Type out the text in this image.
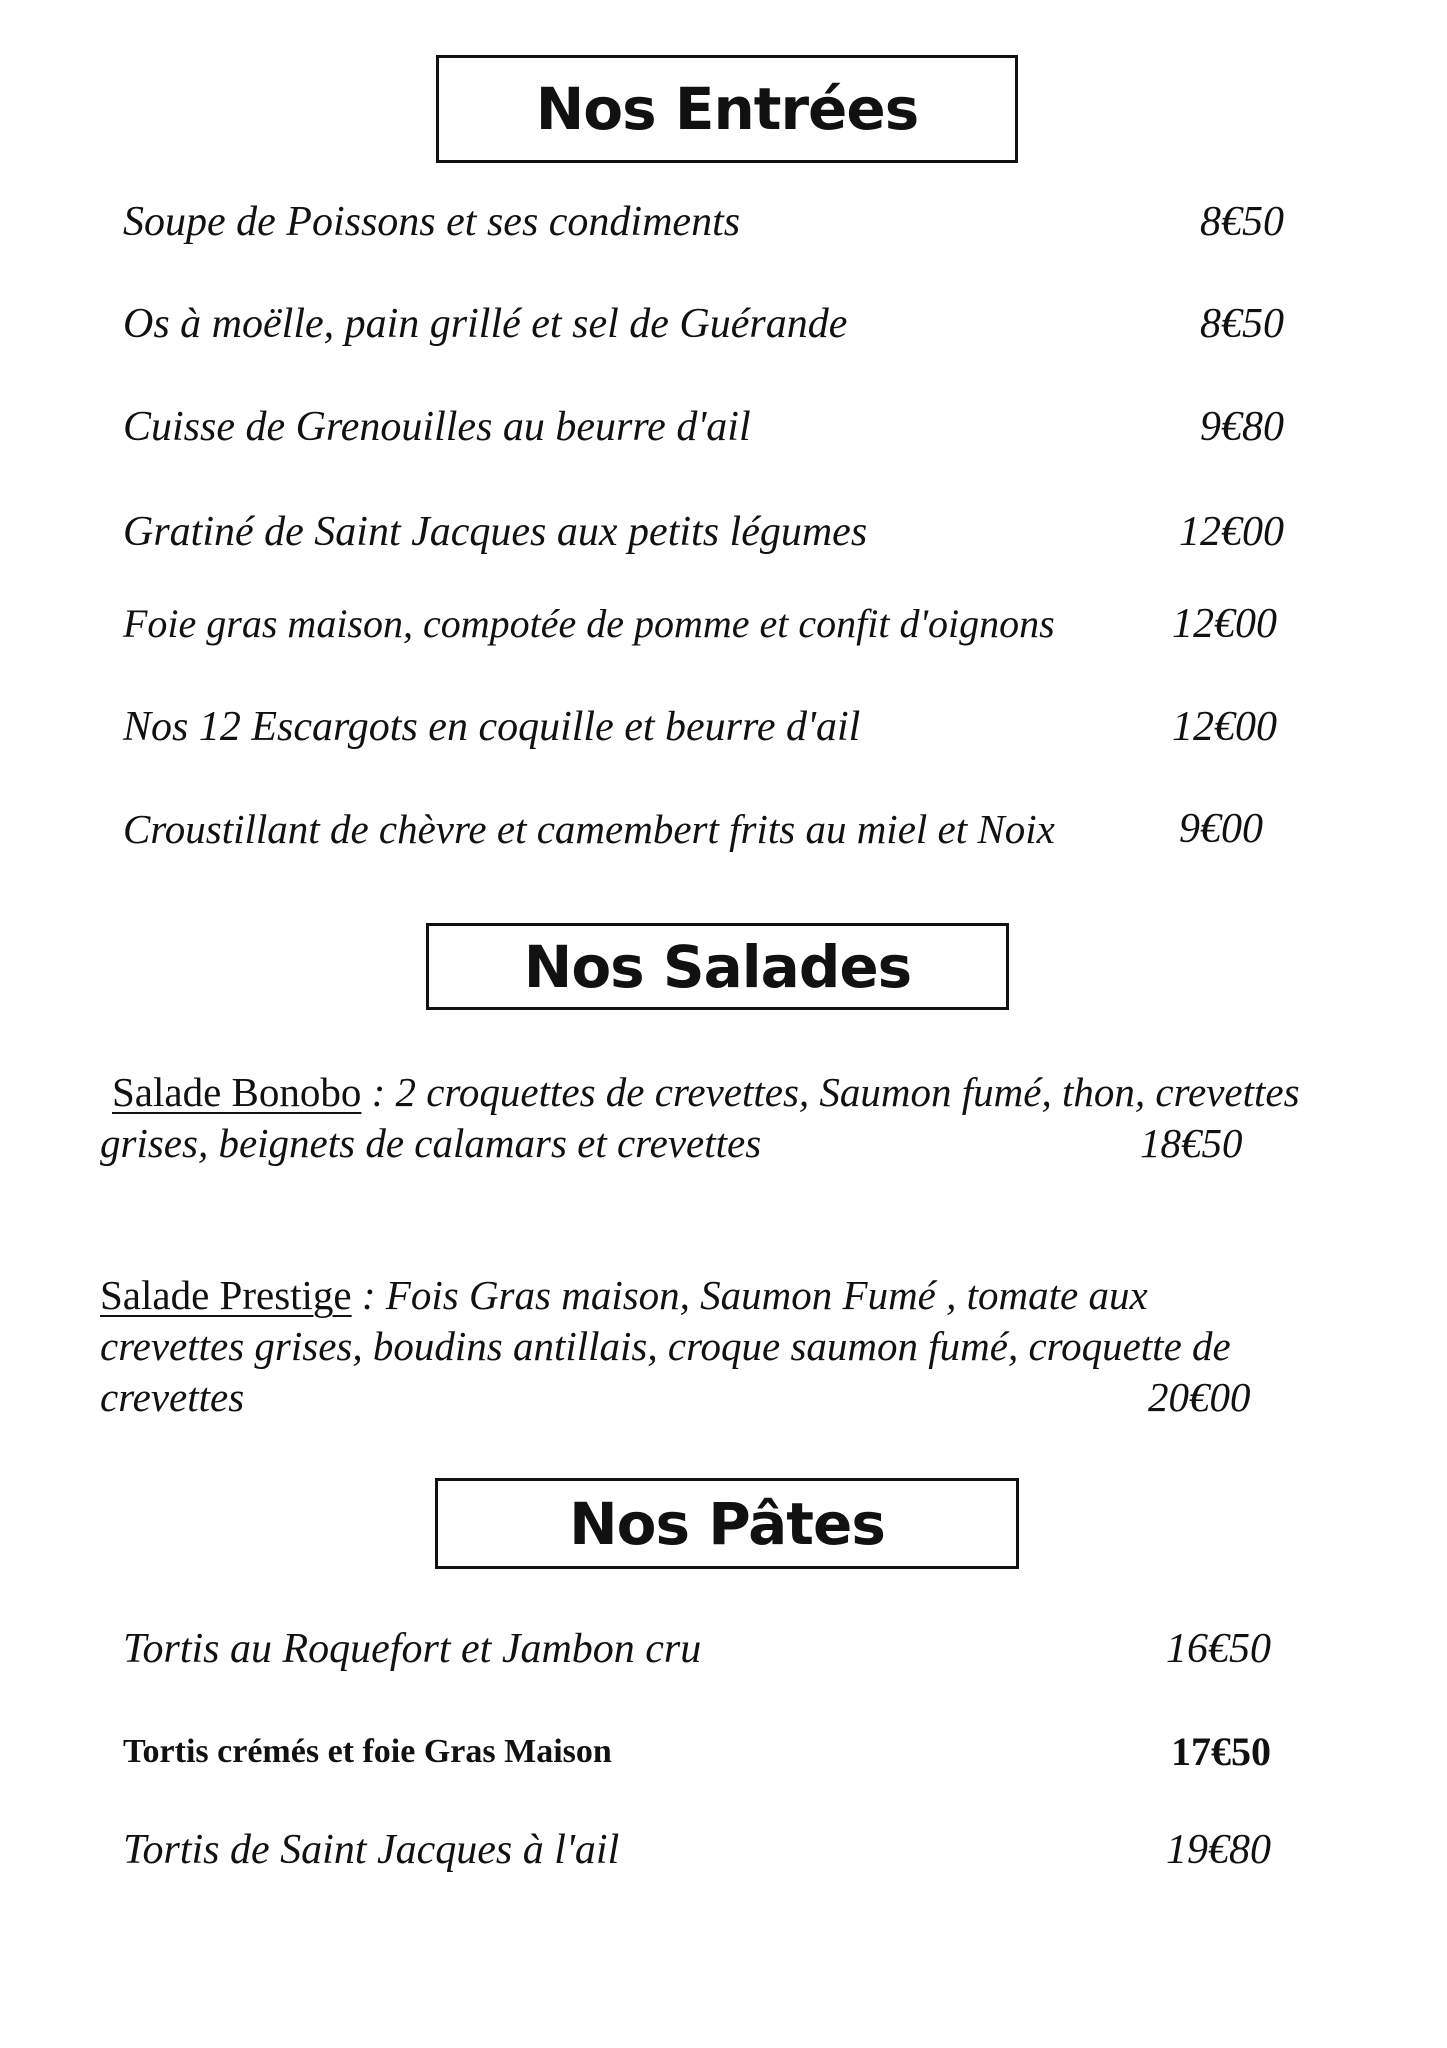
Nos Entrées
Soupe de Poissons et ses condiments	8€50
Os à moëlle, pain grillé et sel de Guérande	8€50
Cuisse de Grenouilles au beurre d'ail	9€80
Gratiné de Saint Jacques aux petits légumes	12€00
Foie gras maison, compotée de pomme et confit d'oignons	12€00
Nos 12 Escargots en coquille et beurre d'ail	12€00
Croustillant de chèvre et camembert frits au miel et Noix	9€00
Nos Salades
Salade Bonobo : 2 croquettes de crevettes, Saumon fumé, thon, crevettes grises, beignets de calamars et crevettes	18€50
Salade Prestige : Fois Gras maison, Saumon Fumé , tomate aux crevettes grises, boudins antillais, croque saumon fumé, croquette de crevettes	20€00
Nos Pâtes
Tortis au Roquefort et Jambon cru	16€50
Tortis crémés et foie Gras Maison	17€50
Tortis de Saint Jacques à l'ail	19€80
